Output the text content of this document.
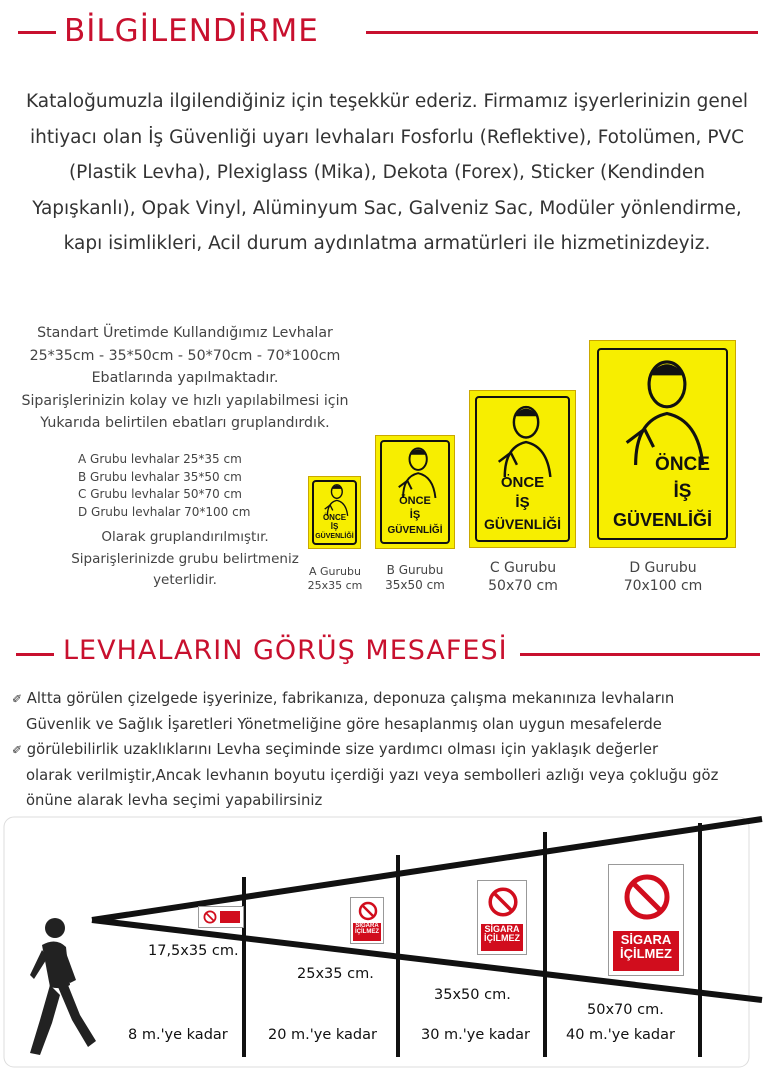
BİLGİLENDİRME
Kataloğumuzla ilgilendiğiniz için teşekkür ederiz. Firmamız işyerlerinizin genel
ihtiyacı olan İş Güvenliği uyarı levhaları Fosforlu (Reflektive), Fotolümen, PVC
(Plastik Levha), Plexiglass (Mika), Dekota (Forex), Sticker (Kendinden
Yapışkanlı), Opak Vinyl, Alüminyum Sac, Galveniz Sac, Modüler yönlendirme,
kapı isimlikleri, Acil durum aydınlatma armatürleri ile hizmetinizdeyiz.
Standart Üretimde Kullandığımız Levhalar
25*35cm - 35*50cm - 50*70cm - 70*100cm
Ebatlarında yapılmaktadır.
Siparişlerinizin kolay ve hızlı yapılabilmesi için
Yukarıda belirtilen ebatları gruplandırdık.
A Grubu levhalar 25*35 cm
B Grubu levhalar 35*50 cm
C Grubu levhalar 50*70 cm
D Grubu levhalar 70*100 cm
Olarak gruplandırılmıştır.
Siparişlerinizde grubu belirtmeniz
yeterlidir.
ÖNCE
İŞ
GÜVENLİĞİ
ÖNCE
İŞ
GÜVENLİĞİ
ÖNCE
İŞ
GÜVENLİĞİ
ÖNCE
İŞ
GÜVENLİĞİ
A Gurubu
25x35 cm
B Gurubu
35x50 cm
C Gurubu
50x70 cm
D Gurubu
70x100 cm
LEVHALARIN GÖRÜŞ MESAFESİ
✐ Altta görülen çizelgede işyerinize, fabrikanıza, deponuza çalışma mekanınıza levhaların
Güvenlik ve Sağlık İşaretleri Yönetmeliğine göre hesaplanmış olan uygun mesafelerde
✐ görülebilirlik uzaklıklarını Levha seçiminde size yardımcı olması için yaklaşık değerler
olarak verilmiştir,Ancak levhanın boyutu içerdiği yazı veya sembolleri azlığı veya çokluğu göz
önüne alarak levha seçimi yapabilirsiniz
SİGARA
İÇİLMEZ	SİGARA
İÇİLMEZ	SİGARA
İÇİLMEZ
17,5x35 cm.
25x35 cm.
35x50 cm.
50x70 cm.
8 m.'ye kadar	20 m.'ye kadar	30 m.'ye kadar 40 m.'ye kadar
